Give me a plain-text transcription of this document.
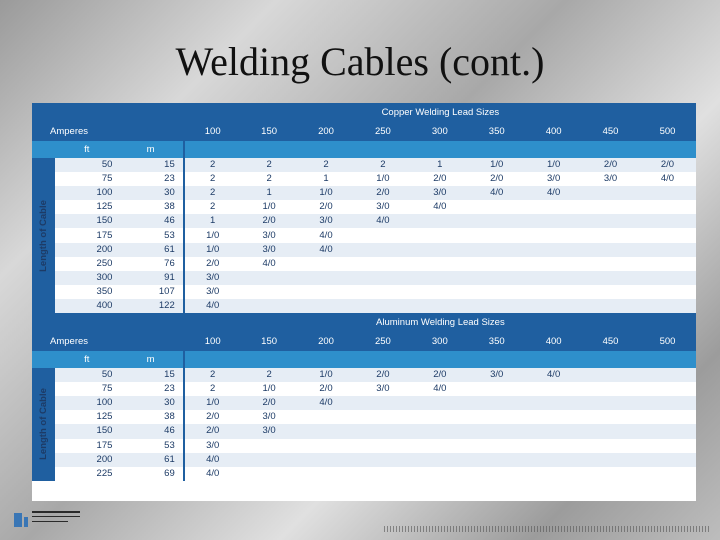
Welding Cables (cont.)
			Copper Welding Lead Sizes								
Amperes			100	150	200	250	300	350	400	450	500
	ft	m									

Length of Cable	50	15	2	2	2	2	1	1/0	1/0	2/0	2/0
	75	23	2	2	1	1/0	2/0	2/0	3/0	3/0	4/0
	100	30	2	1	1/0	2/0	3/0	4/0	4/0		
	125	38	2	1/0	2/0	3/0	4/0				
	150	46	1	2/0	3/0	4/0					
	175	53	1/0	3/0	4/0						
	200	61	1/0	3/0	4/0						
	250	76	2/0	4/0							
	300	91	3/0								
	350	107	3/0								
	400	122	4/0								
			Aluminum Welding Lead Sizes								
Amperes			100	150	200	250	300	350	400	450	500
	ft	m									

Length of Cable	50	15	2	2	1/0	2/0	2/0	3/0	4/0		
	75	23	2	1/0	2/0	3/0	4/0				
	100	30	1/0	2/0	4/0						
	125	38	2/0	3/0							
	150	46	2/0	3/0							
	175	53	3/0								
	200	61	4/0								
	225	69	4/0								
